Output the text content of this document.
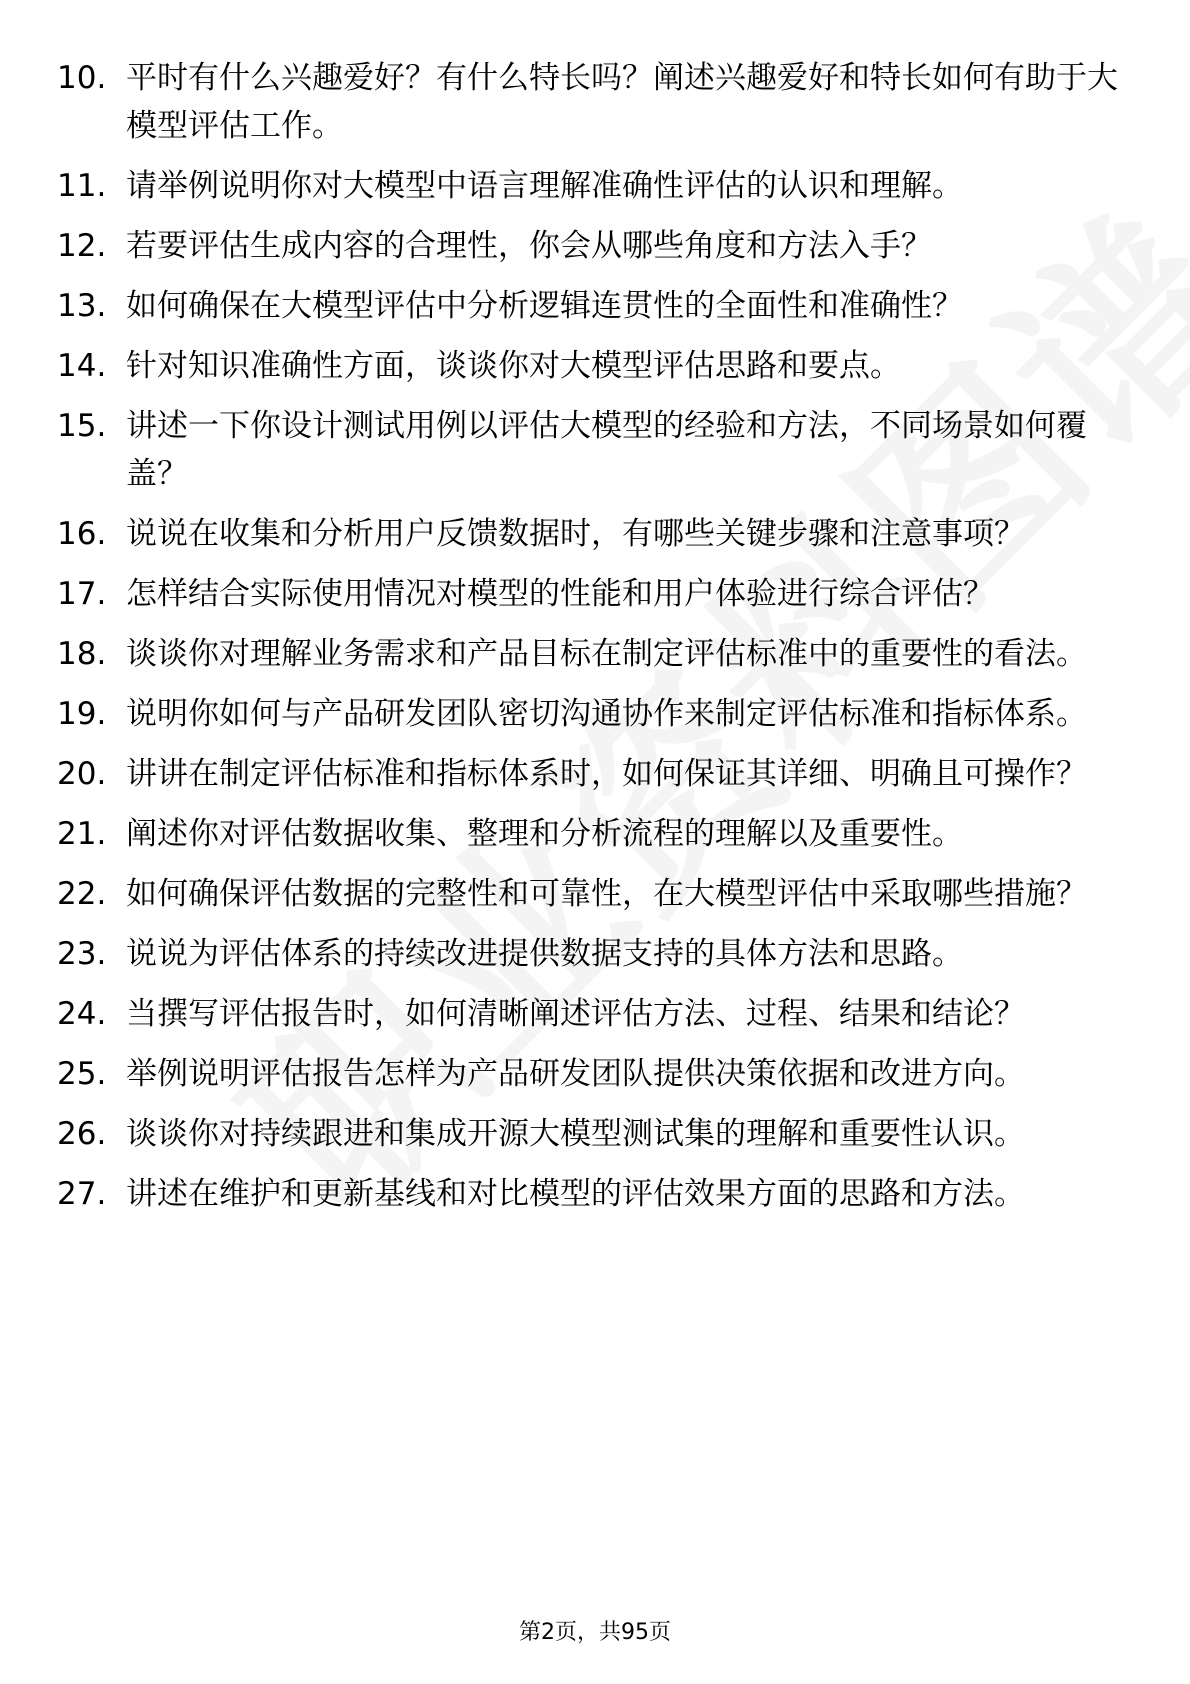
10. 平时有什么兴趣爱好？有什么特长吗？阐述兴趣爱好和特长如何有助于大模型评估工作。
11. 请举例说明你对大模型中语言理解准确性评估的认识和理解。
12. 若要评估生成内容的合理性，你会从哪些角度和方法入手？
13. 如何确保在大模型评估中分析逻辑连贯性的全面性和准确性？
14. 针对知识准确性方面，谈谈你对大模型评估思路和要点。
15. 讲述一下你设计测试用例以评估大模型的经验和方法，不同场景如何覆盖？
16. 说说在收集和分析用户反馈数据时，有哪些关键步骤和注意事项？
17. 怎样结合实际使用情况对模型的性能和用户体验进行综合评估？
18. 谈谈你对理解业务需求和产品目标在制定评估标准中的重要性的看法。
19. 说明你如何与产品研发团队密切沟通协作来制定评估标准和指标体系。
20. 讲讲在制定评估标准和指标体系时，如何保证其详细、明确且可操作？
21. 阐述你对评估数据收集、整理和分析流程的理解以及重要性。
22. 如何确保评估数据的完整性和可靠性，在大模型评估中采取哪些措施？
23. 说说为评估体系的持续改进提供数据支持的具体方法和思路。
24. 当撰写评估报告时，如何清晰阐述评估方法、过程、结果和结论？
25. 举例说明评估报告怎样为产品研发团队提供决策依据和改进方向。
26. 谈谈你对持续跟进和集成开源大模型测试集的理解和重要性认识。
27. 讲述在维护和更新基线和对比模型的评估效果方面的思路和方法。
第2页，共95页
